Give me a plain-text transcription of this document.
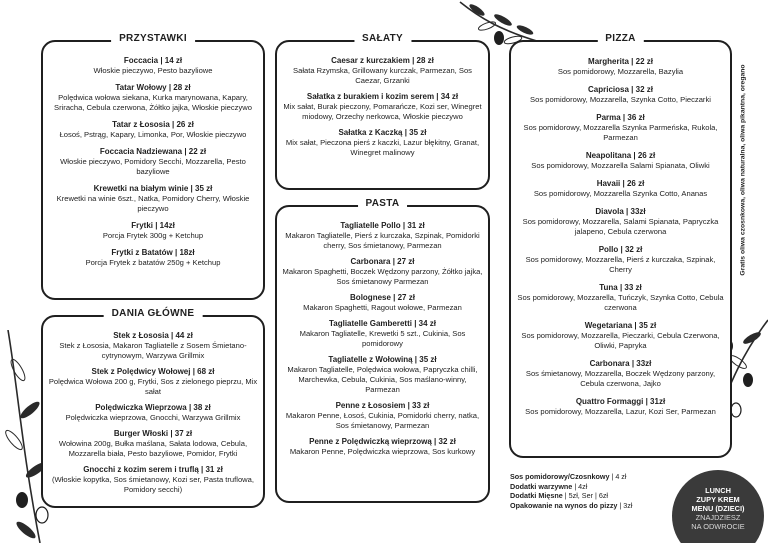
PRZYSTAWKI
Foccacia | 14 zł
Włoskie pieczywo, Pesto bazyliowe
Tatar Wołowy | 28 zł
Polędwica wołowa siekana, Kurka marynowana, Kapary, Sriracha, Cebula czerwona, Żółtko jajka, Włoskie pieczywo
Tatar z Łososia | 26 zł
Łosoś, Pstrąg, Kapary, Limonka, Por, Włoskie pieczywo
Foccacia Nadziewana | 22 zł
Włoskie pieczywo, Pomidory Secchi, Mozzarella, Pesto bazyliowe
Krewetki na białym winie | 35 zł
Krewetki na winie 6szt., Natka, Pomidory Cherry, Włoskie pieczywo
Frytki | 14zł
Porcja Frytek 300g + Ketchup
Frytki z Batatów | 18zł
Porcja Frytek z batatów 250g + Ketchup
DANIA GŁÓWNE
Stek z Łososia | 44 zł
Stek z Łososia, Makaron Tagliatelle z Sosem Śmietano-cytrynowym, Warzywa Grillmix
Stek z Polędwicy Wołowej | 68 zł
Polędwica Wołowa 200 g, Frytki, Sos z zielonego pieprzu, Mix sałat
Polędwiczka Wieprzowa | 38 zł
Polędwiczka wieprzowa, Gnocchi, Warzywa Grillmix
Burger Włoski | 37 zł
Wołowina 200g, Bułka maślana, Sałata lodowa, Cebula, Mozzarella biała, Pesto bazyliowe, Pomidor, Frytki
Gnocchi z kozim serem i truflą | 31 zł
(Włoskie kopytka, Sos śmietanowy, Kozi ser, Pasta truflowa, Pomidory secchi)
SAŁATY
Caesar z kurczakiem | 28 zł
Sałata Rzymska, Grillowany kurczak, Parmezan, Sos Caezar, Grzanki
Sałatka z burakiem i kozim serem | 34 zł
Mix sałat, Burak pieczony, Pomarańcze, Kozi ser, Winegret miodowy, Orzechy nerkowca, Włoskie pieczywo
Sałatka z Kaczką | 35 zł
Mix sałat, Pieczona pierś z kaczki, Lazur błękitny, Granat, Winegret malinowy
PASTA
Tagliatelle Pollo | 31 zł
Makaron Tagliatelle, Pierś z kurczaka, Szpinak, Pomidorki cherry, Sos śmietanowy, Parmezan
Carbonara | 27 zł
Makaron Spaghetti, Boczek Wędzony parzony, Żółtko jajka, Sos śmietanowy Parmezan
Bolognese | 27 zł
Makaron Spaghetti, Ragout wołowe, Parmezan
Tagliatelle Gamberetti | 34 zł
Makaron Tagliatelle, Krewetki 5 szt., Cukinia, Sos pomidorowy
Tagliatelle z Wołowiną | 35 zł
Makaron Tagliatelle, Polędwica wołowa, Papryczka chilli, Marchewka, Cebula, Cukinia, Sos maślano-winny, Parmezan
Penne z Łososiem | 33 zł
Makaron Penne, Łosoś, Cukinia, Pomidorki cherry, natka, Sos śmietanowy, Parmezan
Penne z Polędwiczką wieprzową | 32 zł
Makaron Penne, Polędwiczka wieprzowa, Sos kurkowy
PIZZA
Margherita | 22 zł
Sos pomidorowy, Mozzarella, Bazylia
Capriciosa | 32 zł
Sos pomidorowy, Mozzarella, Szynka Cotto, Pieczarki
Parma | 36 zł
Sos pomidorowy, Mozzarella Szynka Parmeńska, Rukola, Parmezan
Neapolitana | 26 zł
Sos pomidorowy, Mozzarella Salami Spianata, Oliwki
Havaii | 26 zł
Sos pomidorowy, Mozzarella Szynka Cotto, Ananas
Diavola | 33zł
Sos pomidorowy, Mozzarella, Salami Spianata, Papryczka jalapeno, Cebula czerwona
Pollo | 32 zł
Sos pomidorowy, Mozzarella, Pierś z kurczaka, Szpinak, Cherry
Tuna | 33 zł
Sos pomidorowy, Mozzarella, Tuńczyk, Szynka Cotto, Cebula czerwona
Wegetariana | 35 zł
Sos pomidorowy, Mozzarella, Pieczarki, Cebula Czerwona, Oliwki, Papryka
Carbonara | 33zł
Sos śmietanowy, Mozzarella, Boczek Wędzony parzony, Cebula czerwona, Jajko
Quattro Formaggi | 31zł
Sos pomidorowy, Mozzarella, Lazur, Kozi Ser, Parmezan
Sos pomidorowy/Czosnkowy | 4 zł
Dodatki warzywne | 4zł
Dodatki Mięsne | 5zł, Ser | 6zł
Opakowanie na wynos do pizzy | 3zł
LUNCH
ZUPY KREM
MENU (DZIECI)
ZNAJDZIESZ
NA ODWROCIE
Gratis oliwa czosnkowa, oliwa naturalna, oliwa pikantna, oregano
